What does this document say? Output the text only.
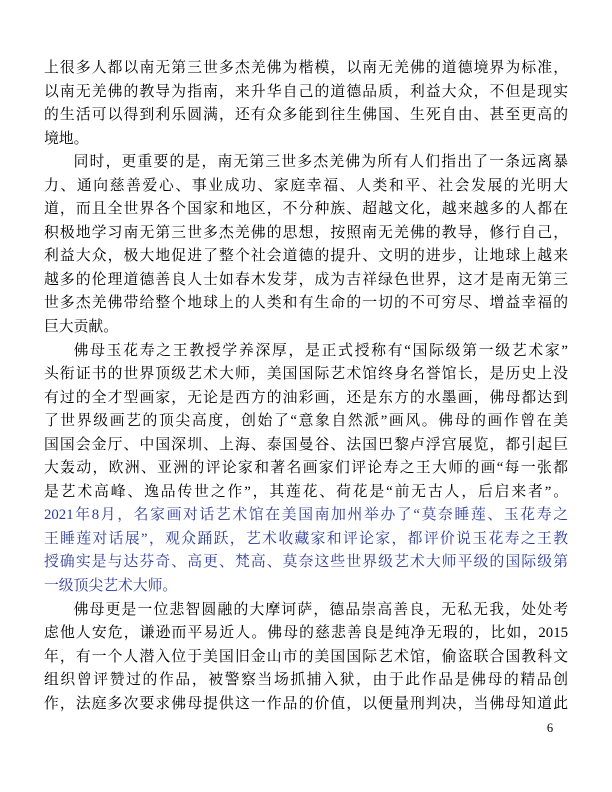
上很多人都以南无第三世多杰羌佛为楷模，以南无羌佛的道德境界为标准，
以南无羌佛的教导为指南，来升华自己的道德品质，利益大众，不但是现实
的生活可以得到利乐圆满，还有众多能到往生佛国、生死自由、甚至更高的
境地。
同时，更重要的是，南无第三世多杰羌佛为所有人们指出了一条远离暴
力、通向慈善爱心、事业成功、家庭幸福、人类和平、社会发展的光明大
道，而且全世界各个国家和地区，不分种族、超越文化，越来越多的人都在
积极地学习南无第三世多杰羌佛的思想，按照南无羌佛的教导，修行自己，
利益大众，极大地促进了整个社会道德的提升、文明的进步，让地球上越来
越多的伦理道德善良人士如春木发芽，成为吉祥绿色世界，这才是南无第三
世多杰羌佛带给整个地球上的人类和有生命的一切的不可穷尽、增益幸福的
巨大贡献。
佛母玉花寿之王教授学养深厚，是正式授称有“国际级第一级艺术家”
头衔证书的世界顶级艺术大师，美国国际艺术馆终身名誉馆长，是历史上没
有过的全才型画家，无论是西方的油彩画，还是东方的水墨画，佛母都达到
了世界级画艺的顶尖高度，创始了“意象自然派”画风。佛母的画作曾在美
国国会金厅、中国深圳、上海、泰国曼谷、法国巴黎卢浮宫展览，都引起巨
大轰动，欧洲、亚洲的评论家和著名画家们评论寿之王大师的画“每一张都
是艺术高峰、逸品传世之作”，其莲花、荷花是“前无古人，后启来者”。
2021年8月，名家画对话艺术馆在美国南加州举办了“莫奈睡莲、玉花寿之
王睡莲对话展”，观众踊跃，艺术收藏家和评论家，都评价说玉花寿之王教
授确实是与达芬奇、高更、梵高、莫奈这些世界级艺术大师平级的国际级第
一级顶尖艺术大师。
佛母更是一位悲智圆融的大摩诃萨，德品崇高善良，无私无我，处处考
虑他人安危，谦逊而平易近人。佛母的慈悲善良是纯净无瑕的，比如，2015
年，有一个人潜入位于美国旧金山市的美国国际艺术馆，偷盗联合国教科文
组织曾评赞过的作品，被警察当场抓捕入狱，由于此作品是佛母的精品创
作，法庭多次要求佛母提供这一作品的价值，以便量刑判决，当佛母知道此
6
